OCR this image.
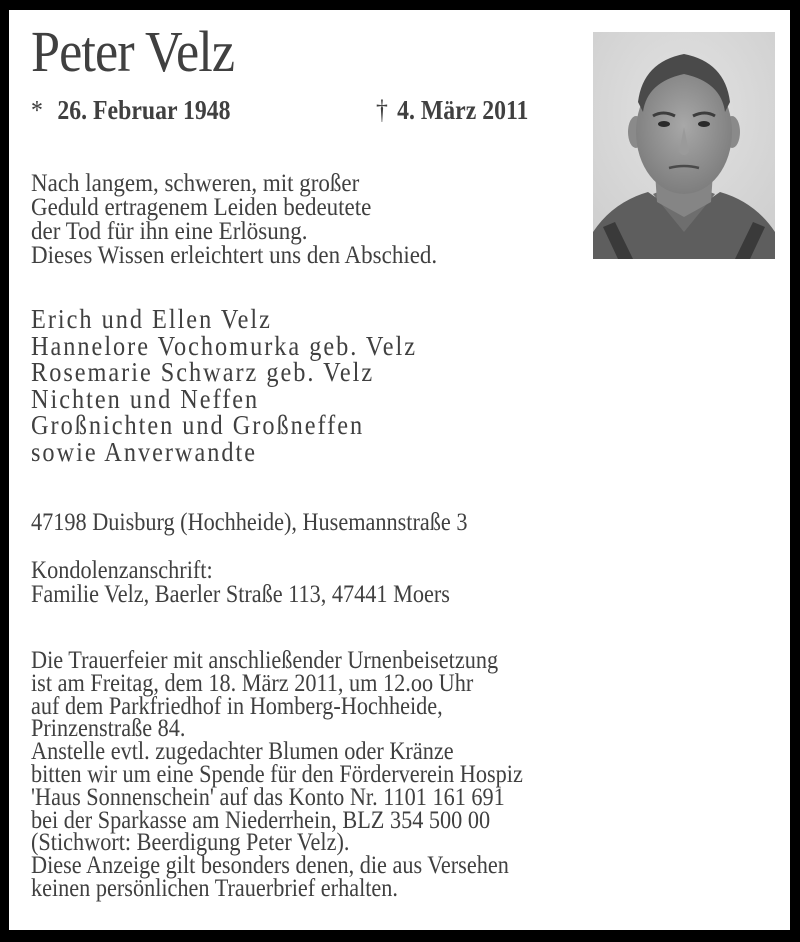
Peter Velz
* 26. Februar 1948	† 4. März 2011
Nach langem, schweren, mit großer
Geduld ertragenem Leiden bedeutete
der Tod für ihn eine Erlösung.
Dieses Wissen erleichtert uns den Abschied.
Erich und Ellen Velz
Hannelore Vochomurka geb. Velz
Rosemarie Schwarz geb. Velz
Nichten und Neffen
Großnichten und Großneffen
sowie Anverwandte
47198 Duisburg (Hochheide), Husemannstraße 3
Kondolenzanschrift:
Familie Velz, Baerler Straße 113, 47441 Moers
Die Trauerfeier mit anschließender Urnenbeisetzung
ist am Freitag, dem 18. März 2011, um 12.oo Uhr
auf dem Parkfriedhof in Homberg-Hochheide,
Prinzenstraße 84.
Anstelle evtl. zugedachter Blumen oder Kränze
bitten wir um eine Spende für den Förderverein Hospiz
'Haus Sonnenschein' auf das Konto Nr. 1101 161 691
bei der Sparkasse am Niederrhein, BLZ 354 500 00
(Stichwort: Beerdigung Peter Velz).
Diese Anzeige gilt besonders denen, die aus Versehen
keinen persönlichen Trauerbrief erhalten.
